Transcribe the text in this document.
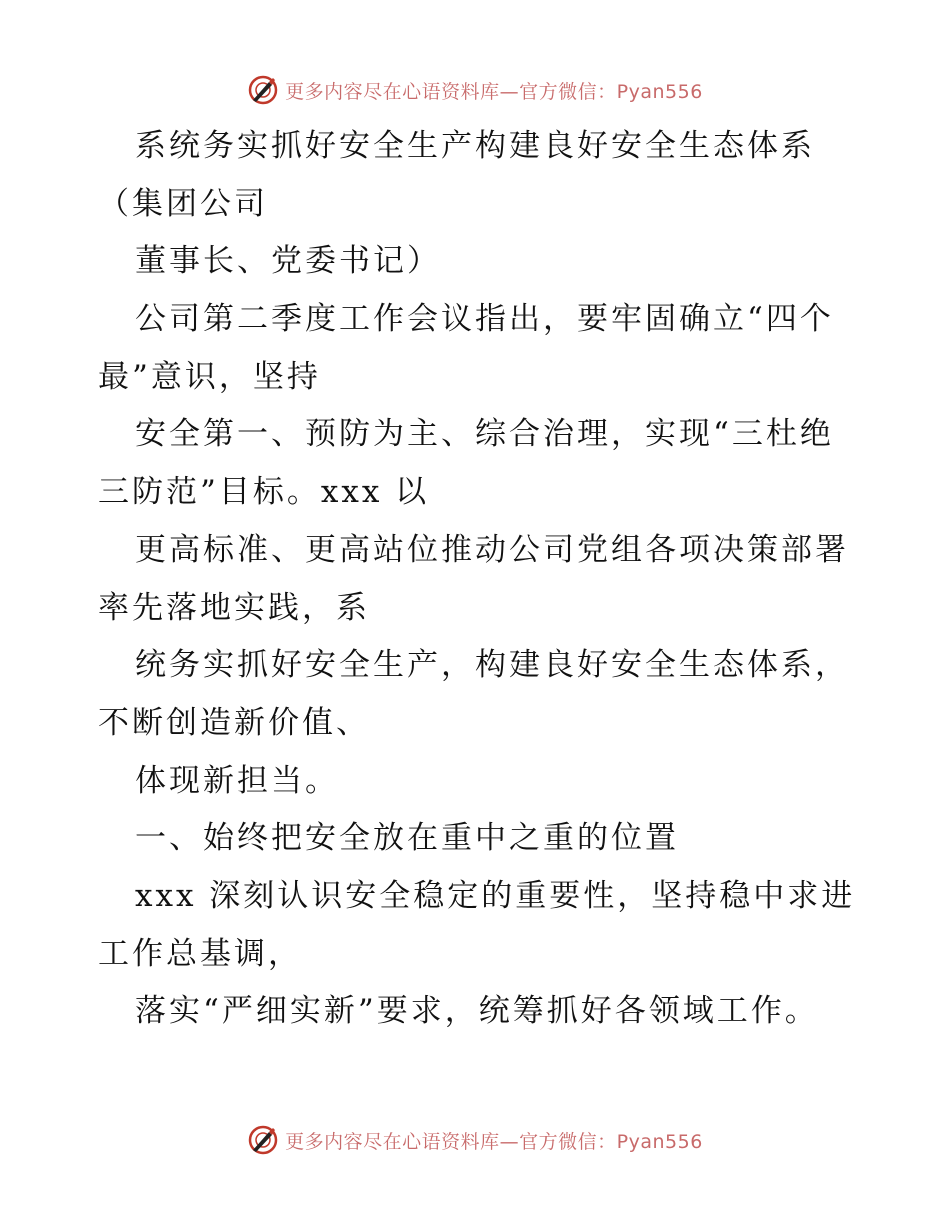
更多内容尽在心语资料库—官方微信：Pyan556
系统务实抓好安全生产构建良好安全生态体系
（集团公司
董事长、党委书记）
公司第二季度工作会议指出，要牢固确立“四个
最”意识，坚持
安全第一、预防为主、综合治理，实现“三杜绝
三防范”目标。xxx 以
更高标准、更高站位推动公司党组各项决策部署
率先落地实践，系
统务实抓好安全生产，构建良好安全生态体系，
不断创造新价值、
体现新担当。
一、始终把安全放在重中之重的位置
xxx 深刻认识安全稳定的重要性，坚持稳中求进
工作总基调，
落实“严细实新”要求，统筹抓好各领域工作。
更多内容尽在心语资料库—官方微信：Pyan556
